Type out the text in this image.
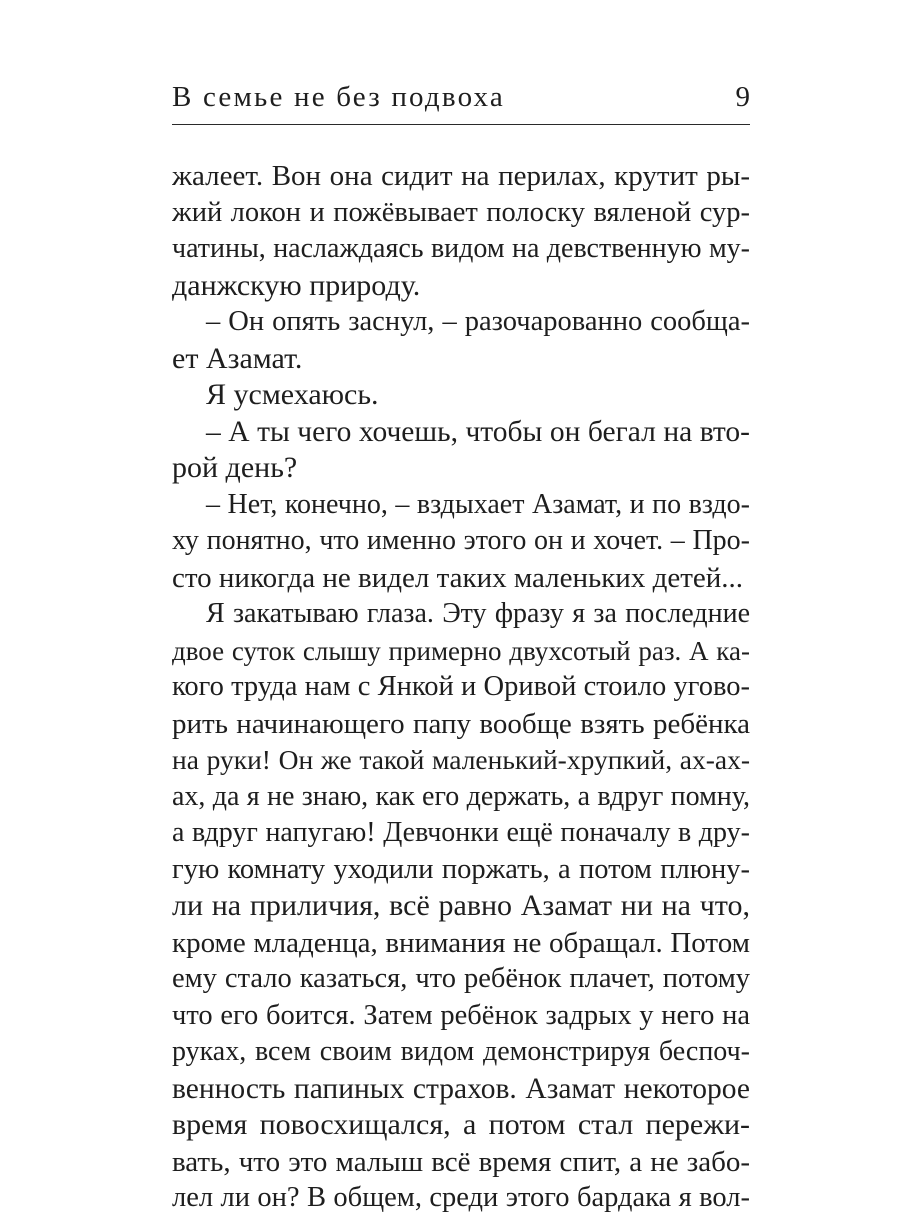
В семье не без подвоха	9
жалеет. Вон она сидит на перилах, крутит ры-
жий локон и пожёвывает полоску вяленой сур-
чатины, наслаждаясь видом на девственную му-
данжскую природу.
– Он опять заснул, – разочарованно сообща-
ет Азамат.
Я усмехаюсь.
– А ты чего хочешь, чтобы он бегал на вто-
рой день?
– Нет, конечно, – вздыхает Азамат, и по вздо-
ху понятно, что именно этого он и хочет. – Про-
сто никогда не видел таких маленьких детей...
Я закатываю глаза. Эту фразу я за последние
двое суток слышу примерно двухсотый раз. А ка-
кого труда нам с Янкой и Оривой стоило угово-
рить начинающего папу вообще взять ребёнка
на руки! Он же такой маленький-хрупкий, ах-ах-
ах, да я не знаю, как его держать, а вдруг помну,
а вдруг напугаю! Девчонки ещё поначалу в дру-
гую комнату уходили поржать, а потом плюну-
ли на приличия, всё равно Азамат ни на что,
кроме младенца, внимания не обращал. Потом
ему стало казаться, что ребёнок плачет, потому
что его боится. Затем ребёнок задрых у него на
руках, всем своим видом демонстрируя беспоч-
венность папиных страхов. Азамат некоторое
время повосхищался, а потом стал пережи-
вать, что это малыш всё время спит, а не забо-
лел ли он? В общем, среди этого бардака я вол-
